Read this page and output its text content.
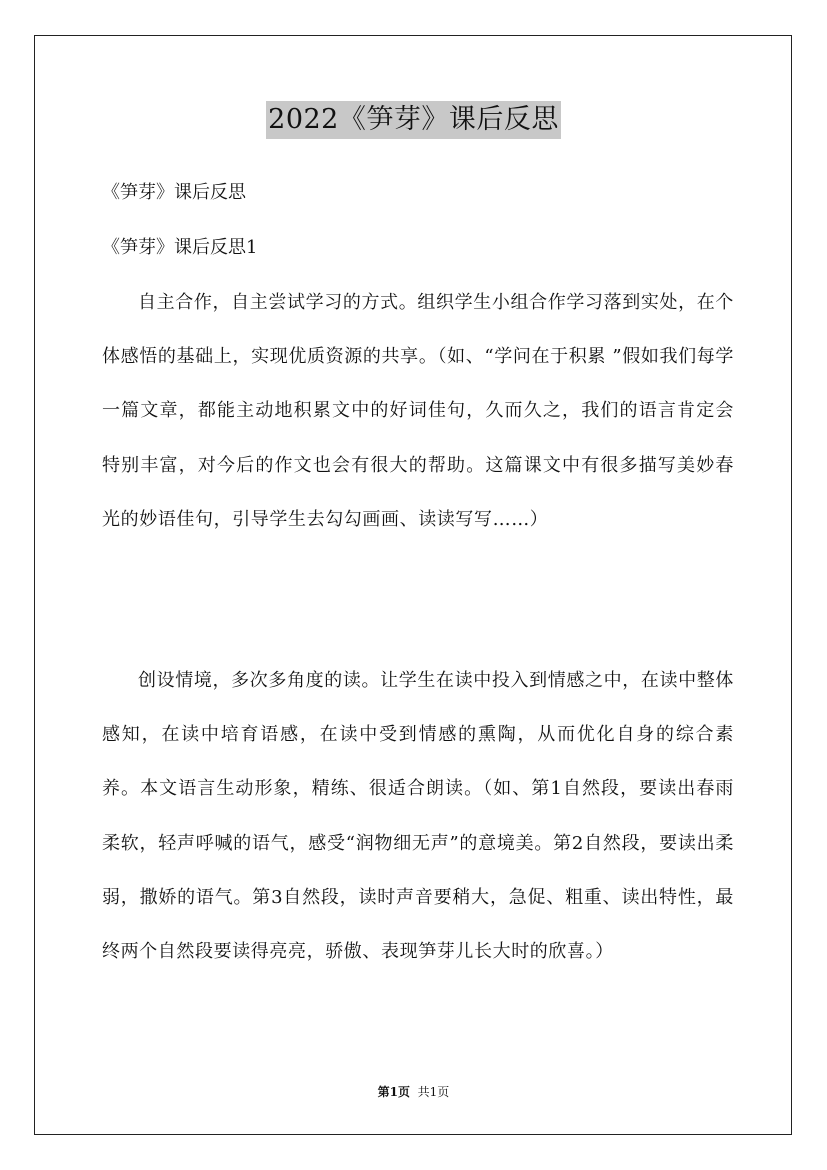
2022《笋芽》课后反思
《笋芽》课后反思
《笋芽》课后反思1

自主合作，自主尝试学习的方式。组织学生小组合作学习落到实处，在个体感悟的基础上，实现优质资源的共享。（如、“学问在于积累 ”假如我们每学一篇文章，都能主动地积累文中的好词佳句，久而久之，我们的语言肯定会特别丰富，对今后的作文也会有很大的帮助。这篇课文中有很多描写美妙春光的妙语佳句，引导学生去勾勾画画、读读写写……）

创设情境，多次多角度的读。让学生在读中投入到情感之中，在读中整体感知，在读中培育语感，在读中受到情感的熏陶，从而优化自身的综合素养。本文语言生动形象，精练、很适合朗读。（如、第1自然段，要读出春雨柔软，轻声呼喊的语气，感受“润物细无声”的意境美。第2自然段，要读出柔弱，撒娇的语气。第3自然段，读时声音要稍大，急促、粗重、读出特性，最终两个自然段要读得亮亮，骄傲、表现笋芽儿长大时的欣喜。）

第1页 共1页
